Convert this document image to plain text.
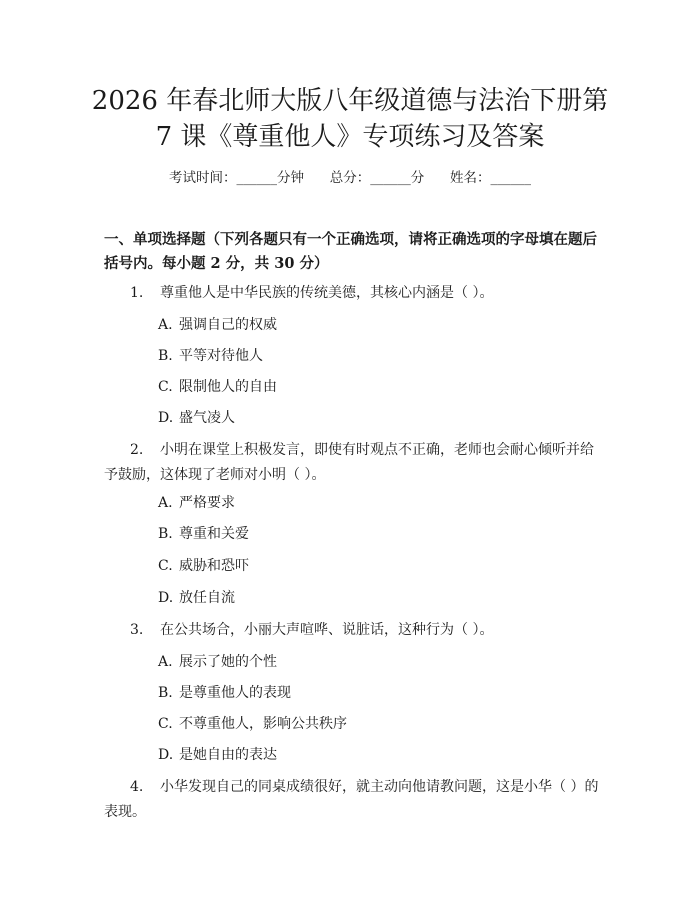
2026 年春北师大版八年级道德与法治下册第
7 课《尊重他人》专项练习及答案
考试时间：______分钟 总分：______分 姓名：______

一、单项选择题（下列各题只有一个正确选项，请将正确选项的字母填在题后括号内。每小题 2 分，共 30 分）

1. 尊重他人是中华民族的传统美德，其核心内涵是（ ）。

A. 强调自己的权威

B. 平等对待他人

C. 限制他人的自由

D. 盛气凌人

2. 小明在课堂上积极发言，即使有时观点不正确，老师也会耐心倾听并给予鼓励，这体现了老师对小明（ ）。

A. 严格要求

B. 尊重和关爱

C. 威胁和恐吓

D. 放任自流

3. 在公共场合，小丽大声喧哗、说脏话，这种行为（ ）。

A. 展示了她的个性

B. 是尊重他人的表现

C. 不尊重他人，影响公共秩序

D. 是她自由的表达

4. 小华发现自己的同桌成绩很好，就主动向他请教问题，这是小华（ ）的表现。
